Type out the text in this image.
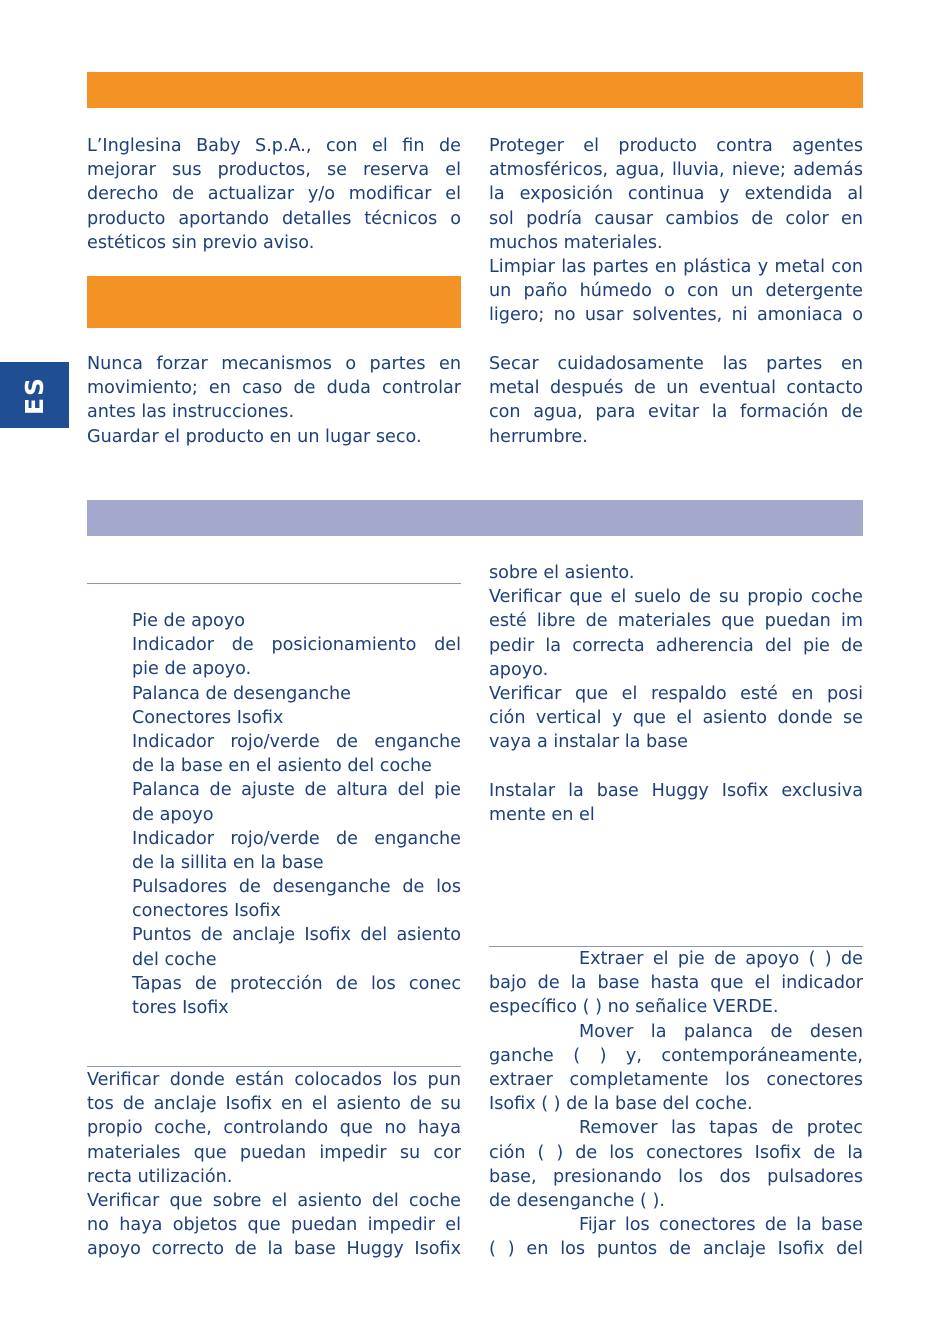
ES
L’Inglesina Baby S.p.A., con el fin de
mejorar sus productos, se reserva el
derecho de actualizar y/o modificar el
producto aportando detalles técnicos o
estéticos sin previo aviso.
Proteger el producto contra agentes
atmosféricos, agua, lluvia, nieve; además
la exposición continua y extendida al
sol podría causar cambios de color en
muchos materiales.
Limpiar las partes en plástica y metal con
un paño húmedo o con un detergente
ligero; no usar solventes, ni amoniaca o
Nunca forzar mecanismos o partes en
movimiento; en caso de duda controlar
antes las instrucciones.
Guardar el producto en un lugar seco.
Secar cuidadosamente las partes en
metal después de un eventual contacto
con agua, para evitar la formación de
herrumbre.
Pie de apoyo
Indicador de posicionamiento del
pie de apoyo.
Palanca de desenganche
Conectores Isofix
Indicador rojo/verde de enganche
de la base en el asiento del coche
Palanca de ajuste de altura del pie
de apoyo
Indicador rojo/verde de enganche
de la sillita en la base
Pulsadores de desenganche de los
conectores Isofix
Puntos de anclaje Isofix del asiento
del coche
Tapas de protección de los conec
tores Isofix
Verificar donde están colocados los pun
tos de anclaje Isofix en el asiento de su
propio coche, controlando que no haya
materiales que puedan impedir su cor
recta utilización.
Verificar que sobre el asiento del coche
no haya objetos que puedan impedir el
apoyo correcto de la base Huggy Isofix
sobre el asiento.
Verificar que el suelo de su propio coche
esté libre de materiales que puedan im
pedir la correcta adherencia del pie de
apoyo.
Verificar que el respaldo esté en posi
ción vertical y que el asiento donde se
vaya a instalar la base
Instalar la base Huggy Isofix exclusiva
mente en el
Extraer el pie de apoyo ( ) de
bajo de la base hasta que el indicador
específico ( ) no señalice VERDE.
Mover la palanca de desen
ganche ( ) y, contemporáneamente,
extraer completamente los conectores
Isofix ( ) de la base del coche.
Remover las tapas de protec
ción ( ) de los conectores Isofix de la
base, presionando los dos pulsadores
de desenganche ( ).
Fijar los conectores de la base
( ) en los puntos de anclaje Isofix del
